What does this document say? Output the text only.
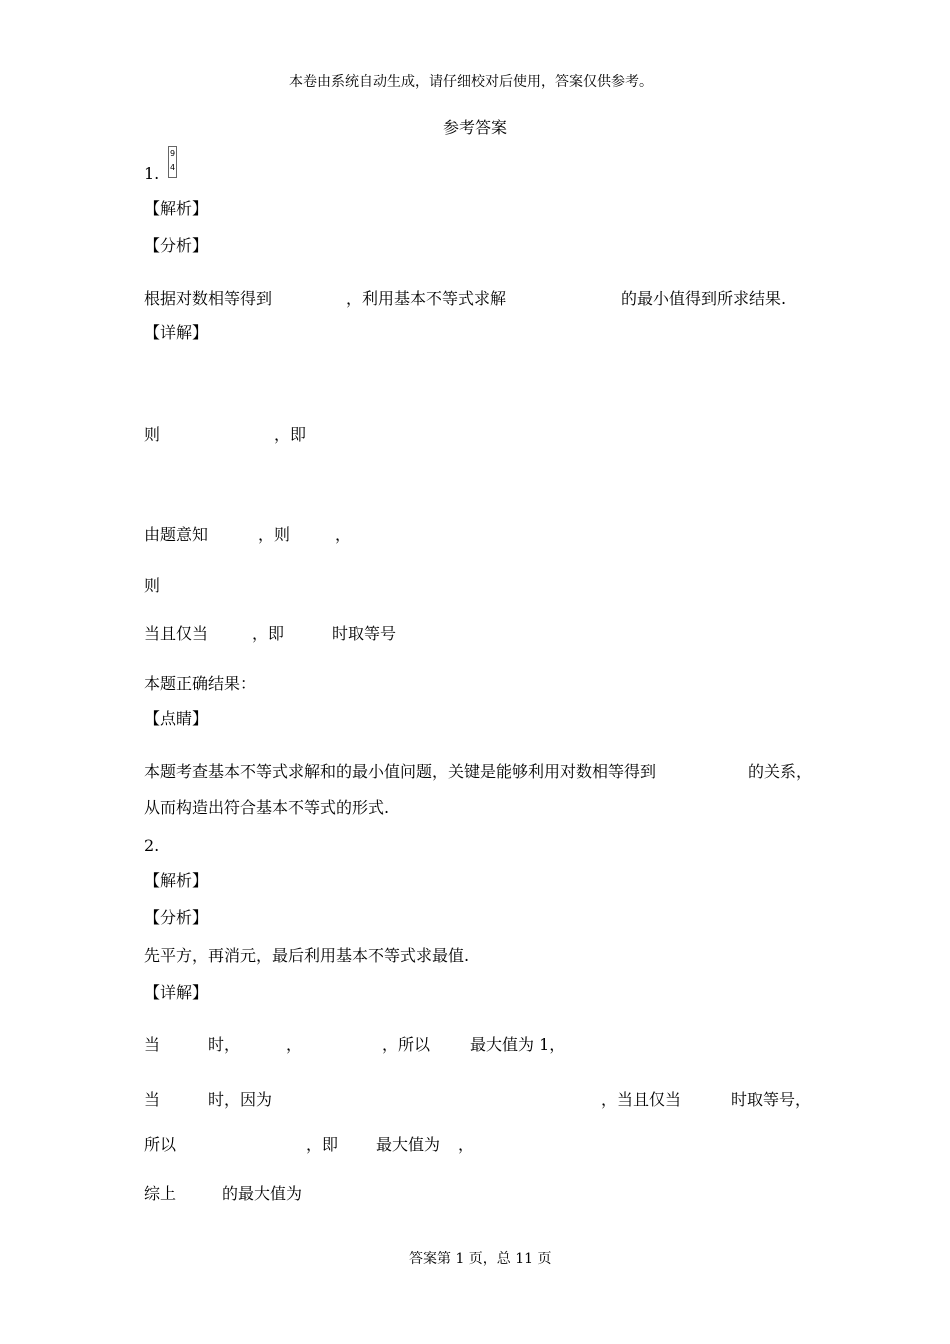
本卷由系统自动生成，请仔细校对后使用，答案仅供参考。
参考答案
1.
9
4
【解析】
【分析】
根据对数相等得到	，利用基本不等式求解	的最小值得到所求结果.
【详解】
则	，即
由题意知	，则	，
则
当且仅当	，即	时取等号
本题正确结果：
【点睛】
本题考查基本不等式求解和的最小值问题，关键是能够利用对数相等得到	的关系，
从而构造出符合基本不等式的形式.
2.
【解析】
【分析】
先平方，再消元，最后利用基本不等式求最值.
【详解】
当	时，	，	，所以 最大值为 1，
当	时，因为	，当且仅当	时取等号，
所以	，即 最大值为 ，
综上	的最大值为
答案第 1 页，总 11 页
